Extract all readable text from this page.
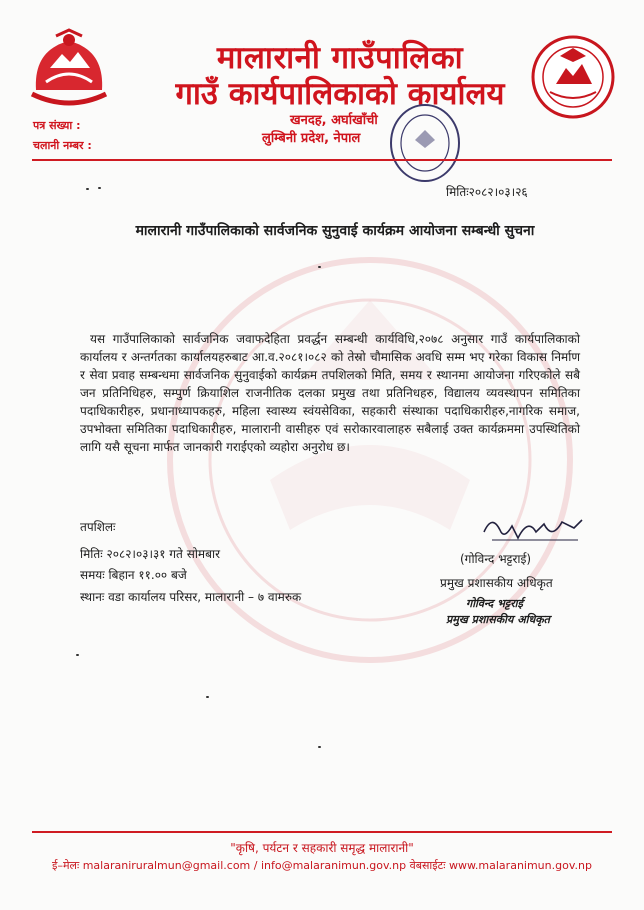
मालारानी गाउँपालिका
गाउँ कार्यपालिकाको कार्यालय
खनदह, अर्घाखाँची
लुम्बिनी प्रदेश, नेपाल
पत्र संख्या :
चलानी नम्बर :
मितिः२०८२।०३।२६
मालारानी गाउँपालिकाको सार्वजनिक सुनुवाई कार्यक्रम आयोजना सम्बन्धी सुचना
यस गाउँपालिकाको सार्वजनिक जवाफदेहिता प्रवर्द्धन सम्बन्धी कार्यविधि,२०७८ अनुसार गाउँ कार्यपालिकाको कार्यालय र अन्तर्गतका कार्यालयहरुबाट आ.व.२०८१।०८२ को तेस्रो चौमासिक अवधि सम्म भए गरेका विकास निर्माण र सेवा प्रवाह सम्बन्धमा सार्वजनिक सुनुवाईको कार्यक्रम तपशिलको मिति, समय र स्थानमा आयोजना गरिएकोले सबै जन प्रतिनिधिहरु, सम्पुर्ण क्रियाशिल राजनीतिक दलका प्रमुख तथा प्रतिनिधहरु, विद्यालय व्यवस्थापन समितिका पदाधिकारीहरु, प्रधानाध्यापकहरु, महिला स्वास्थ्य स्वंयसेविका, सहकारी संस्थाका पदाधिकारीहरु,नागरिक समाज, उपभोक्ता समितिका पदाधिकारीहरु, मालारानी वासीहरु एवं सरोकारवालाहरु सबैलाई उक्त कार्यक्रममा उपस्थितिको लागि यसै सूचना मार्फत जानकारी गराईएको व्यहोरा अनुरोध छ।
तपशिलः
मितिः २०८२।०३।३१ गते सोमबार
समयः बिहान ११.०० बजे
स्थानः वडा कार्यालय परिसर, मालारानी – ७ वामरुक
(गोविन्द भट्टराई)
प्रमुख प्रशासकीय अधिकृत
गोविन्द भट्टराई
प्रमुख प्रशासकीय अधिकृत
"कृषि, पर्यटन र सहकारी समृद्ध मालारानी"
ई–मेलः malaraniruralmun@gmail.com / info@malaranimun.gov.np वेबसाईटः www.malaranimun.gov.np
